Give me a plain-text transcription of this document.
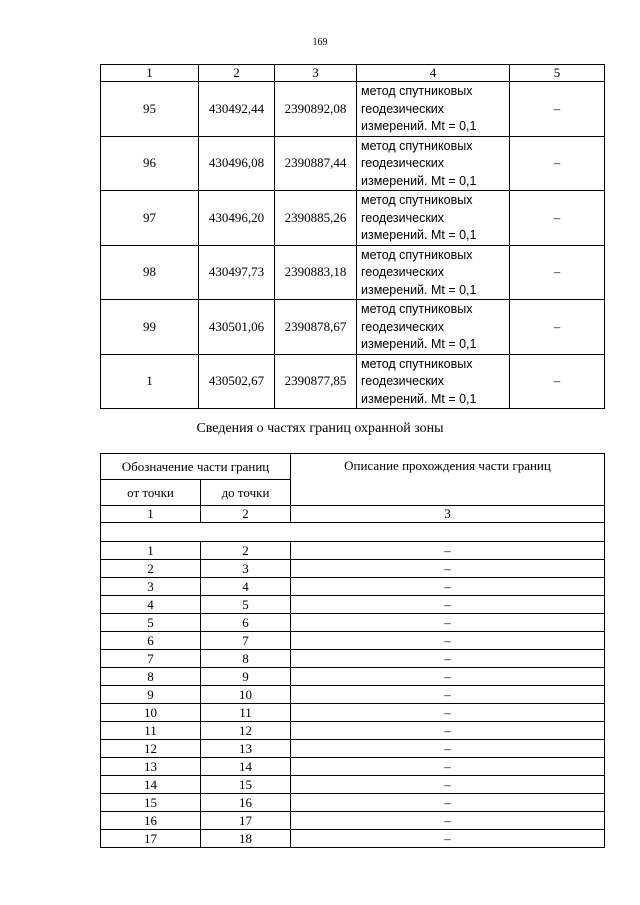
169
1	2	3	4	5
95	430492,44	2390892,08	метод спутниковых
геодезических
измерений. Mt = 0,1	–
96	430496,08	2390887,44	метод спутниковых
геодезических
измерений. Mt = 0,1	–
97	430496,20	2390885,26	метод спутниковых
геодезических
измерений. Mt = 0,1	–
98	430497,73	2390883,18	метод спутниковых
геодезических
измерений. Mt = 0,1	–
99	430501,06	2390878,67	метод спутниковых
геодезических
измерений. Mt = 0,1	–
1	430502,67	2390877,85	метод спутниковых
геодезических
измерений. Mt = 0,1	–
Сведения о частях границ охранной зоны
Обозначение части границ		Описание прохождения части границ
от точки	до точки	
1	2	3

1	2	–
2	3	–
3	4	–
4	5	–
5	6	–
6	7	–
7	8	–
8	9	–
9	10	–
10	11	–
11	12	–
12	13	–
13	14	–
14	15	–
15	16	–
16	17	–
17	18	–
